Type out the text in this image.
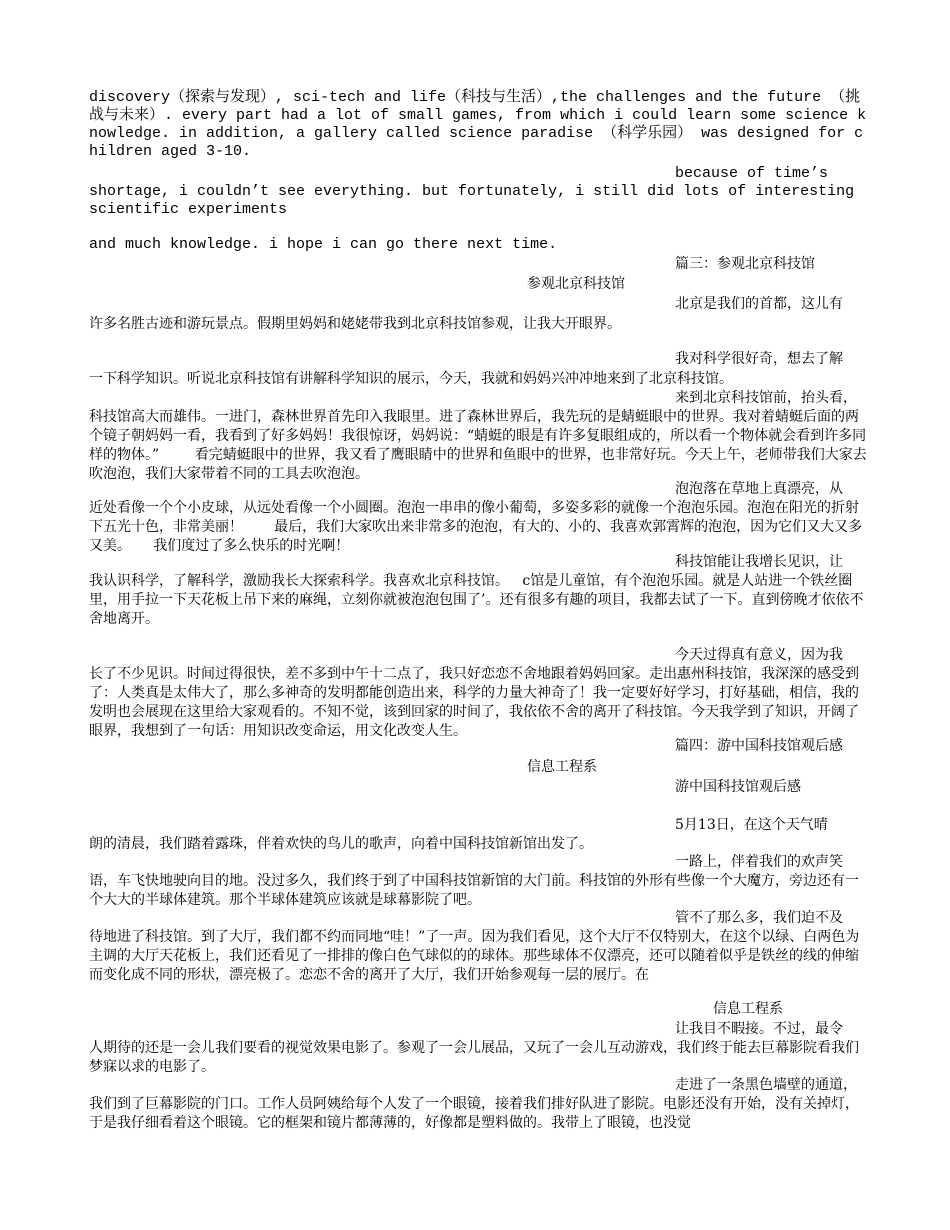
discovery（探索与发现）, sci-tech and life（科技与生活）,the challenges and the future （挑战与未来）. every part had a lot of small games, from which i could learn some science knowledge. in addition, a gallery called science paradise （科学乐园） was designed for children aged 3-10.
because of time’s
shortage, i couldn’t see everything. but fortunately, i still did lots of interesting scientific experiments
and much knowledge. i hope i can go there next time.
篇三：参观北京科技馆
参观北京科技馆
北京是我们的首都，这儿有
许多名胜古迹和游玩景点。假期里妈妈和姥姥带我到北京科技馆参观，让我大开眼界。
我对科学很好奇，想去了解
一下科学知识。听说北京科技馆有讲解科学知识的展示，今天，我就和妈妈兴冲冲地来到了北京科技馆。
来到北京科技馆前，抬头看，
科技馆高大而雄伟。一进门，森林世界首先印入我眼里。进了森林世界后，我先玩的是蜻蜓眼中的世界。我对着蜻蜓后面的两个镜子朝妈妈一看，我看到了好多妈妈！我很惊讶，妈妈说：“蜻蜓的眼是有许多复眼组成的，所以看一个物体就会看到许多同样的物体。”        看完蜻蜓眼中的世界，我又看了鹰眼睛中的世界和鱼眼中的世界，也非常好玩。今天上午，老师带我们大家去吹泡泡，我们大家带着不同的工具去吹泡泡。
泡泡落在草地上真漂亮，从
近处看像一个个小皮球，从远处看像一个小圆圈。泡泡一串串的像小葡萄，多姿多彩的就像一个泡泡乐园。泡泡在阳光的折射下五光十色，非常美丽！       最后，我们大家吹出来非常多的泡泡，有大的、小的、我喜欢郭霄辉的泡泡，因为它们又大又多又美。     我们度过了多么快乐的时光啊！
科技馆能让我增长见识，让
我认识科学，了解科学，激励我长大探索科学。我喜欢北京科技馆。   c馆是儿童馆，有个泡泡乐园。就是人站进一个铁丝圈里，用手拉一下天花板上吊下来的麻绳，立刻你就被泡泡包围了’。还有很多有趣的项目，我都去试了一下。直到傍晚才依依不舍地离开。
今天过得真有意义，因为我
长了不少见识。时间过得很快，差不多到中午十二点了，我只好恋恋不舍地跟着妈妈回家。走出惠州科技馆，我深深的感受到了：人类真是太伟大了，那么多神奇的发明都能创造出来，科学的力量大神奇了！我一定要好好学习，打好基础，相信，我的发明也会展现在这里给大家观看的。不知不觉，该到回家的时间了，我依依不舍的离开了科技馆。今天我学到了知识，开阔了眼界，我想到了一句话：用知识改变命运，用文化改变人生。
篇四：游中国科技馆观后感
信息工程系
游中国科技馆观后感
5月13日，在这个天气晴
朗的清晨，我们踏着露珠，伴着欢快的鸟儿的歌声，向着中国科技馆新馆出发了。
一路上，伴着我们的欢声笑
语，车飞快地驶向目的地。没过多久，我们终于到了中国科技馆新馆的大门前。科技馆的外形有些像一个大魔方，旁边还有一个大大的半球体建筑。那个半球体建筑应该就是球幕影院了吧。
管不了那么多，我们迫不及
待地进了科技馆。到了大厅，我们都不约而同地“哇！”了一声。因为我们看见，这个大厅不仅特别大，在这个以绿、白两色为主调的大厅天花板上，我们还看见了一排排的像白色气球似的的球体。那些球体不仅漂亮，还可以随着似乎是铁丝的线的伸缩而变化成不同的形状，漂亮极了。恋恋不舍的离开了大厅，我们开始参观每一层的展厅。在
信息工程系
让我目不暇接。不过，最令
人期待的还是一会儿我们要看的视觉效果电影了。参观了一会儿展品，又玩了一会儿互动游戏，我们终于能去巨幕影院看我们梦寐以求的电影了。
走进了一条黑色墙壁的通道，
我们到了巨幕影院的门口。工作人员阿姨给每个人发了一个眼镜，接着我们排好队进了影院。电影还没有开始，没有关掉灯，于是我仔细看着这个眼镜。它的框架和镜片都薄薄的，好像都是塑料做的。我带上了眼镜，也没觉
